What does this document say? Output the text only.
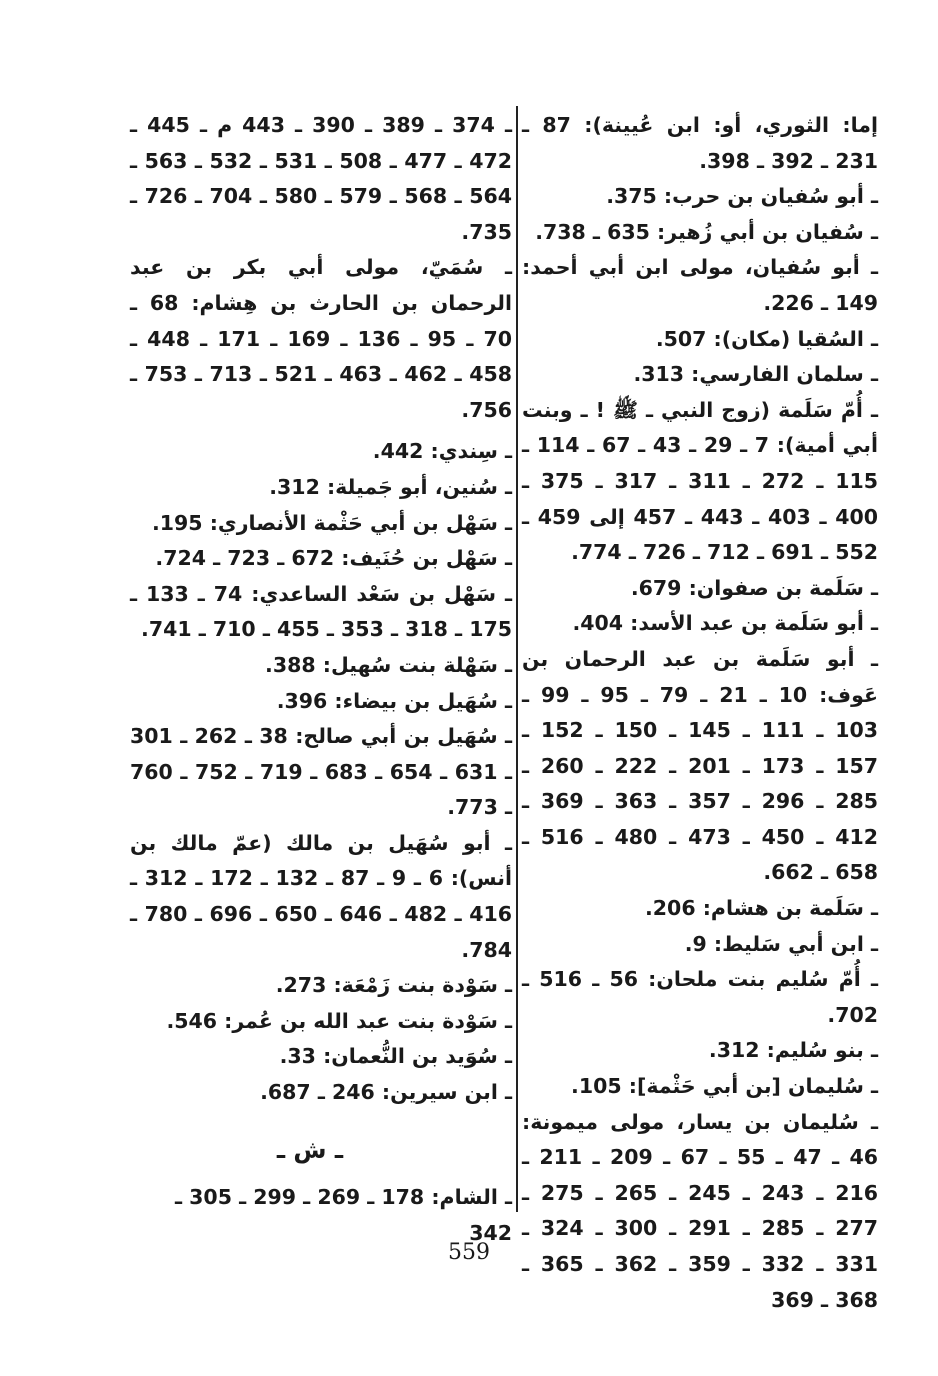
إما: الثوري، أو: ابن عُيينة): 87 ـ 231 ـ 392 ـ 398.
ـ أبو سُفيان بن حرب: 375.
ـ سُفيان بن أبي زُهير: 635 ـ 738.
ـ أبو سُفيان، مولى ابن أبي أحمد: 149 ـ 226.
ـ السُقيا (مكان): 507.
ـ سلمان الفارسي: 313.
ـ أُمّ سَلَمة (زوج النبي ـ ﷺ ! ـ وبنت أبي أمية): 7 ـ 29 ـ 43 ـ 67 ـ 114 ـ 115 ـ 272 ـ 311 ـ 317 ـ 375 ـ 400 ـ 403 ـ 443 ـ 457 إلى 459 ـ 552 ـ 691 ـ 712 ـ 726 ـ 774.
ـ سَلَمة بن صفوان: 679.
ـ أبو سَلَمة بن عبد الأسد: 404.
ـ أبو سَلَمة بن عبد الرحمان بن عَوف: 10 ـ 21 ـ 79 ـ 95 ـ 99 ـ 103 ـ 111 ـ 145 ـ 150 ـ 152 ـ 157 ـ 173 ـ 201 ـ 222 ـ 260 ـ 285 ـ 296 ـ 357 ـ 363 ـ 369 ـ 412 ـ 450 ـ 473 ـ 480 ـ 516 ـ 658 ـ 662.
ـ سَلَمة بن هشام: 206.
ـ ابن أبي سَليط: 9.
ـ أُمّ سُليم بنت ملحان: 56 ـ 516 ـ 702.
ـ بنو سُليم: 312.
ـ سُليمان [بن أبي حَثْمة]: 105.
ـ سُليمان بن يسار، مولى ميمونة: 46 ـ 47 ـ 55 ـ 67 ـ 209 ـ 211 ـ 216 ـ 243 ـ 245 ـ 265 ـ 275 ـ 277 ـ 285 ـ 291 ـ 300 ـ 324 ـ 331 ـ 332 ـ 359 ـ 362 ـ 365 ـ 368 ـ 369
ـ 374 ـ 389 ـ 390 ـ 443 م ـ 445 ـ 472 ـ 477 ـ 508 ـ 531 ـ 532 ـ 563 ـ 564 ـ 568 ـ 579 ـ 580 ـ 704 ـ 726 ـ 735.
ـ سُمَيّ، مولى أبي بكر بن عبد الرحمان بن الحارث بن هِشام: 68 ـ 70 ـ 95 ـ 136 ـ 169 ـ 171 ـ 448 ـ 458 ـ 462 ـ 463 ـ 521 ـ 713 ـ 753 ـ 756.
ـ سِندي: 442.
ـ سُنين، أبو جَميلة: 312.
ـ سَهْل بن أبي حَثْمة الأنصاري: 195.
ـ سَهْل بن حُنَيف: 672 ـ 723 ـ 724.
ـ سَهْل بن سَعْد الساعدي: 74 ـ 133 ـ 175 ـ 318 ـ 353 ـ 455 ـ 710 ـ 741.
ـ سَهْلة بنت سُهيل: 388.
ـ سُهَيل بن بيضاء: 396.
ـ سُهَيل بن أبي صالح: 38 ـ 262 ـ 301 ـ 631 ـ 654 ـ 683 ـ 719 ـ 752 ـ 760 ـ 773.
ـ أبو سُهَيل بن مالك (عمّ مالك بن أنس): 6 ـ 9 ـ 87 ـ 132 ـ 172 ـ 312 ـ 416 ـ 482 ـ 646 ـ 650 ـ 696 ـ 780 ـ 784.
ـ سَوْدة بنت زَمْعَة: 273.
ـ سَوْدة بنت عبد الله بن عُمر: 546.
ـ سُوَيد بن النُّعمان: 33.
ـ ابن سيرين: 246 ـ 687.
ـ ش ـ
ـ الشام: 178 ـ 269 ـ 299 ـ 305 ـ 342
559
